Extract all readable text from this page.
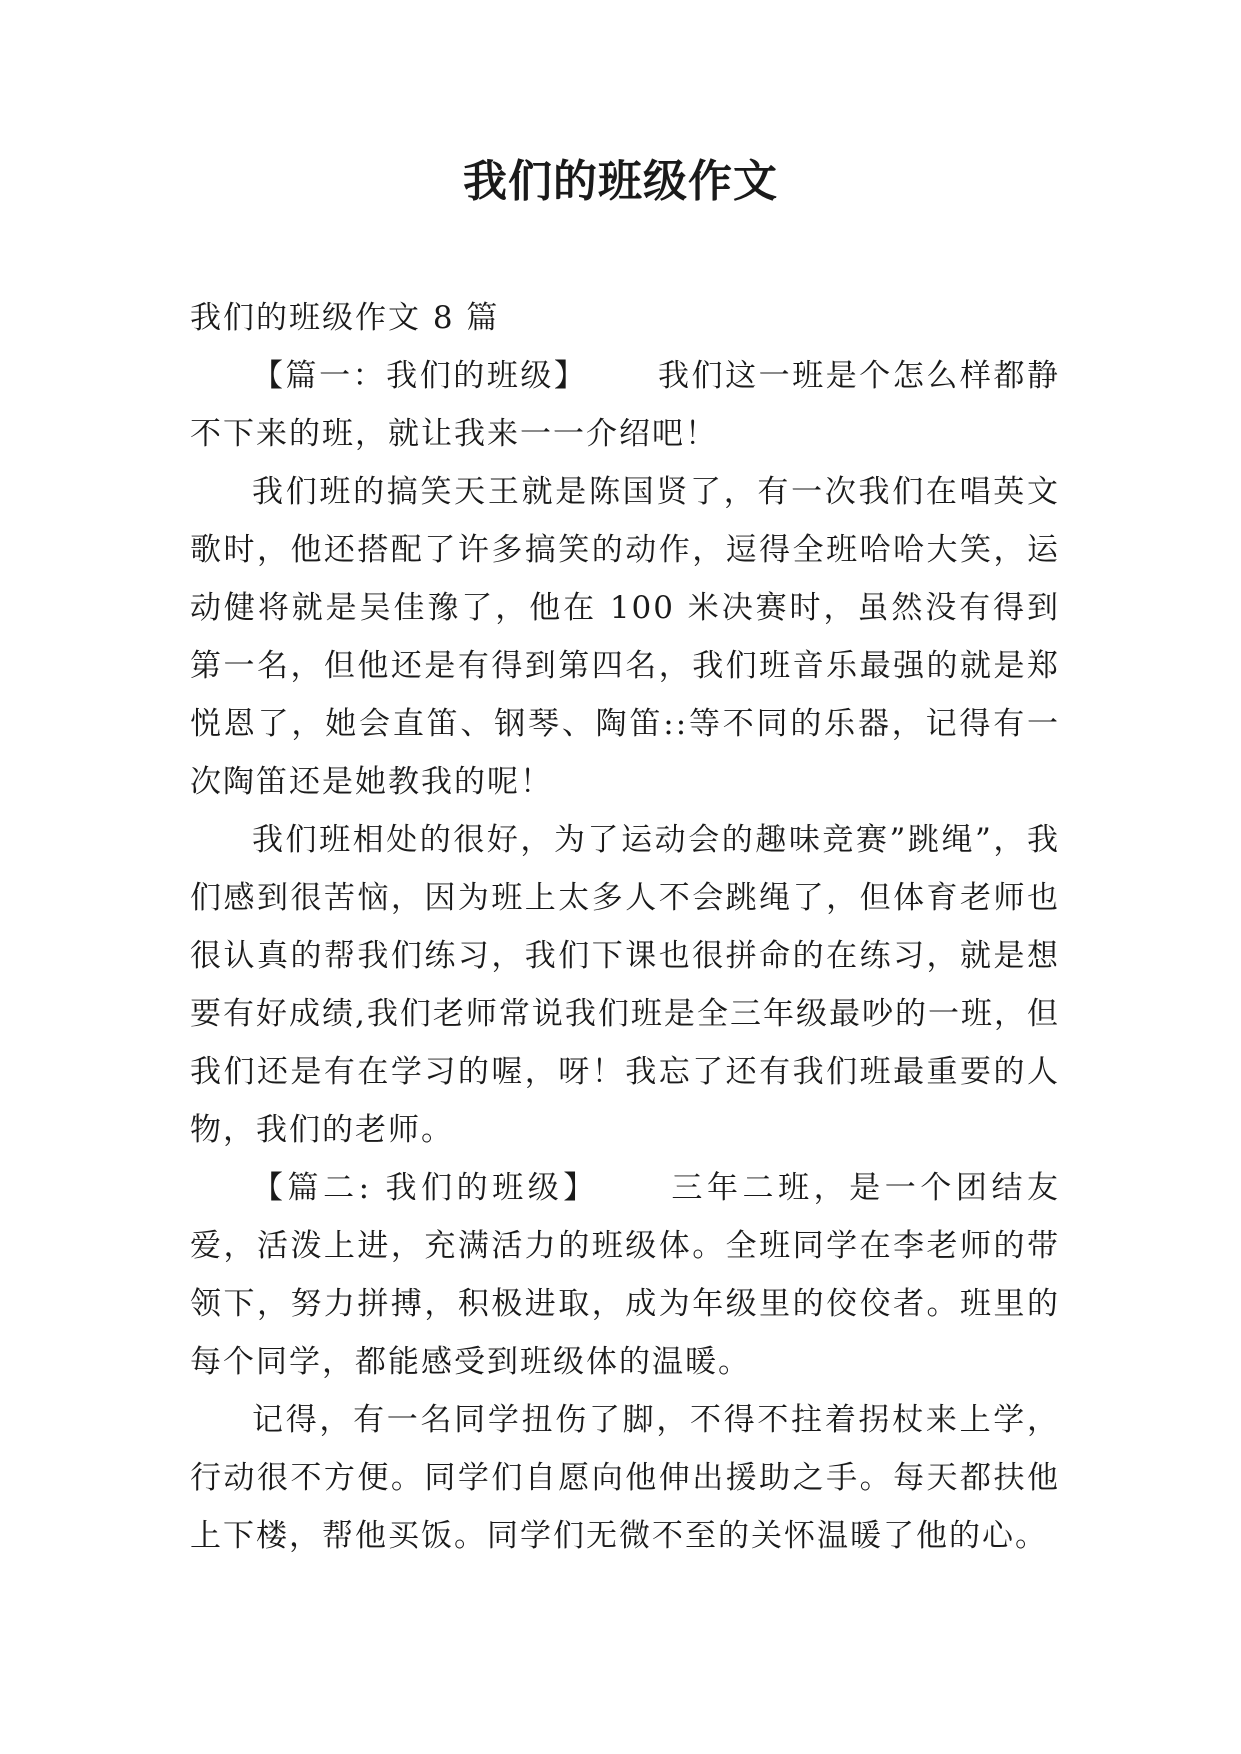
我们的班级作文

我们的班级作文 8 篇

【篇一：我们的班级】 我们这一班是个怎么样都静不下来的班，就让我来一一介绍吧！

我们班的搞笑天王就是陈国贤了，有一次我们在唱英文歌时，他还搭配了许多搞笑的动作，逗得全班哈哈大笑，运动健将就是吴佳豫了，他在 100 米决赛时，虽然没有得到第一名，但他还是有得到第四名，我们班音乐最强的就是郑悦恩了，她会直笛、钢琴、陶笛::等不同的乐器，记得有一次陶笛还是她教我的呢！

我们班相处的很好，为了运动会的趣味竞赛”跳绳”，我们感到很苦恼，因为班上太多人不会跳绳了，但体育老师也很认真的帮我们练习，我们下课也很拼命的在练习，就是想要有好成绩,我们老师常说我们班是全三年级最吵的一班，但我们还是有在学习的喔，呀！我忘了还有我们班最重要的人物，我们的老师。

【篇二: 我们的班级】 三年二班，是一个团结友爱，活泼上进，充满活力的班级体。全班同学在李老师的带领下，努力拼搏，积极进取，成为年级里的佼佼者。班里的每个同学，都能感受到班级体的温暖。

记得，有一名同学扭伤了脚，不得不拄着拐杖来上学，行动很不方便。同学们自愿向他伸出援助之手。每天都扶他上下楼，帮他买饭。同学们无微不至的关怀温暖了他的心。
